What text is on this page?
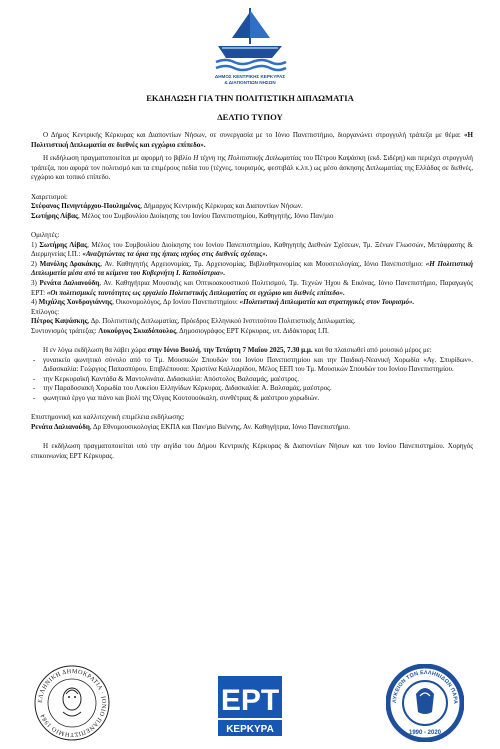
ΔΗΜΟΣ ΚΕΝΤΡΙΚΗΣ ΚΕΡΚΥΡΑΣ
& ΔΙΑΠΟΝΤΙΩΝ ΝΗΣΩΝ
ΕΚΔΗΛΩΣΗ ΓΙΑ ΤΗΝ ΠΟΛΙΤΙΣΤΙΚΗ ΔΙΠΛΩΜΑΤΙΑ
ΔΕΛΤΙΟ ΤΥΠΟΥ

Ο Δήμος Κεντρικής Κέρκυρας και Διαποντίων Νήσων, σε συνεργασία με το Ιόνιο Πανεπιστήμιο, διοργανώνει στρογγυλή τράπεζα με θέμα: «Η Πολιτιστική Διπλωματία σε διεθνές και εγχώριο επίπεδο».

Η εκδήλωση πραγματοποιείται με αφορμή το βιβλίο Η τέχνη της Πολιτιστικής Διπλωματίας του Πέτρου Καψάσκη (εκδ. Σιδέρη) και περιέχει στρογγυλή τράπεζα, που αφορά τον πολιτισμό και τα επιμέρους πεδία του (τέχνες, τουρισμός, φεστιβάλ κ.λπ.) ως μέσο άσκησης Διπλωματίας της Ελλάδας σε διεθνές, εγχώριο και τοπικό επίπεδο.

Χαιρετισμοί:

Στέφανος Πενηντάρχου-Πουλημένος, Δήμαρχος Κεντρικής Κέρκυρας και Διαποντίων Νήσων.

Σωτήρης Λίβας, Μέλος του Συμβουλίου Διοίκησης του Ιονίου Πανεπιστημίου, Καθηγητής, Ιόνιο Παν/μιο

Ομιλητές:

1) Σωτήρης Λίβας, Μέλος του Συμβουλίου Διοίκησης του Ιονίου Πανεπιστημίου, Καθηγητής Διεθνών Σχέσεων, Τμ. Ξένων Γλωσσών, Μετάφρασης & Διερμηνείας Ι.Π.: «Αναζητώντας τα όρια της ήπιας ισχύος στις διεθνείς σχέσεις».

2) Μανόλης Δρακάκης, Αν. Καθηγητής Αρχειονομίας, Τμ. Αρχειονομίας, Βιβλιοθηκονομίας και Μουσειολογίας, Ιόνιο Πανεπιστήμιο: «Η Πολιτιστική Διπλωματία μέσα από τα κείμενα του Κυβερνήτη Ι. Καποδίστρια».

3) Ρενάτα Δαλιανούδη, Αν. Καθηγήτρια Μουσικής και Οπτικοακουστικού Πολιτισμού, Τμ. Τεχνών Ήχου & Εικόνας, Ιόνιο Πανεπιστήμιο, Παραγωγός ΕΡΤ: «Οι πολιτισμικές ταυτότητες ως εργαλείο Πολιτιστικής Διπλωματίας σε εγχώριο και διεθνές επίπεδο».

4) Μιχάλης Χονδρογιάννης, Οικονομολόγος, Δρ Ιονίου Πανεπιστημίου: «Πολιτιστική Διπλωματία και στρατηγικές στον Τουρισμό».

Επίλογος:

Πέτρος Καψάσκης, Δρ. Πολιτιστικής Διπλωματίας, Πρόεδρος Ελληνικού Ινστιτούτου Πολιτιστικής Διπλωματίας.

Συντονισμός τράπεζας: Λυκούργος Σκιαδόπουλος, Δημοσιογράφος ΕΡΤ Κέρκυρας, υπ. Διδάκτορας Ι.Π.

Η εν λόγω εκδήλωση θα λάβει χώρα στην Ιόνιο Βουλή, την Τετάρτη 7 Μαΐου 2025, 7.30 μ.μ. και θα πλαισιωθεί από μουσικό μέρος με:

- γυναικείο φωνητικό σύνολο από το Τμ. Μουσικών Σπουδών του Ιονίου Πανεπιστημίου και την Παιδική-Νεανική Χορωδία «Αγ. Σπυρίδων». Διδασκαλία: Γεώργιος Παπασπύρου. Επιβλέπουσα: Χριστίνα Καλλιαρίδου, Μέλος ΕΕΠ του Τμ. Μουσικών Σπουδών του Ιονίου Πανεπιστημίου.
- την Κερκυραϊκή Καντάδα & Μαντολινάτα. Διδασκαλία: Απόστολος Βαλσαμάς, μαέστρος.
- την Παραδοσιακή Χορωδία του Λυκείου Ελληνίδων Κέρκυρας. Διδασκαλία: Α. Βαλσαμάς, μαέστρος.
- φωνητικό έργο για πιάνο και βιολί της Όλγας Κουτσοούκαλη, συνθέτριας & μαέστρου χορωδιών.

Επιστημονική και καλλιτεχνική επιμέλεια εκδήλωσης:

Ρενάτα Δαλιανούδη, Δρ Εθνομουσικολογίας ΕΚΠΑ και Παν/μιο Βιέννης, Αν. Καθηγήτρια, Ιόνιο Πανεπιστήμιο.

Η εκδήλωση πραγματοποιείται υπό την αιγίδα του Δήμου Κεντρικής Κέρκυρας & Διαποντίων Νήσων και του Ιονίου Πανεπιστημίου. Χορηγός επικοινωνίας ΕΡΤ Κέρκυρας.

ΕΛΛΗΝΙΚΗ ΔΗΜΟΚΡΑΤΙΑ · ΙΟΝΙΟ ΠΑΝΕΠΙΣΤΗΜΙΟ 1984	ΕΡΤ
ΚΕΡΚΥΡΑ
ΛΥΚΕΙΟΝ ΤΩΝ ΕΛΛΗΝΙΔΩΝ ΠΑΡΑ
1990 - 2020
